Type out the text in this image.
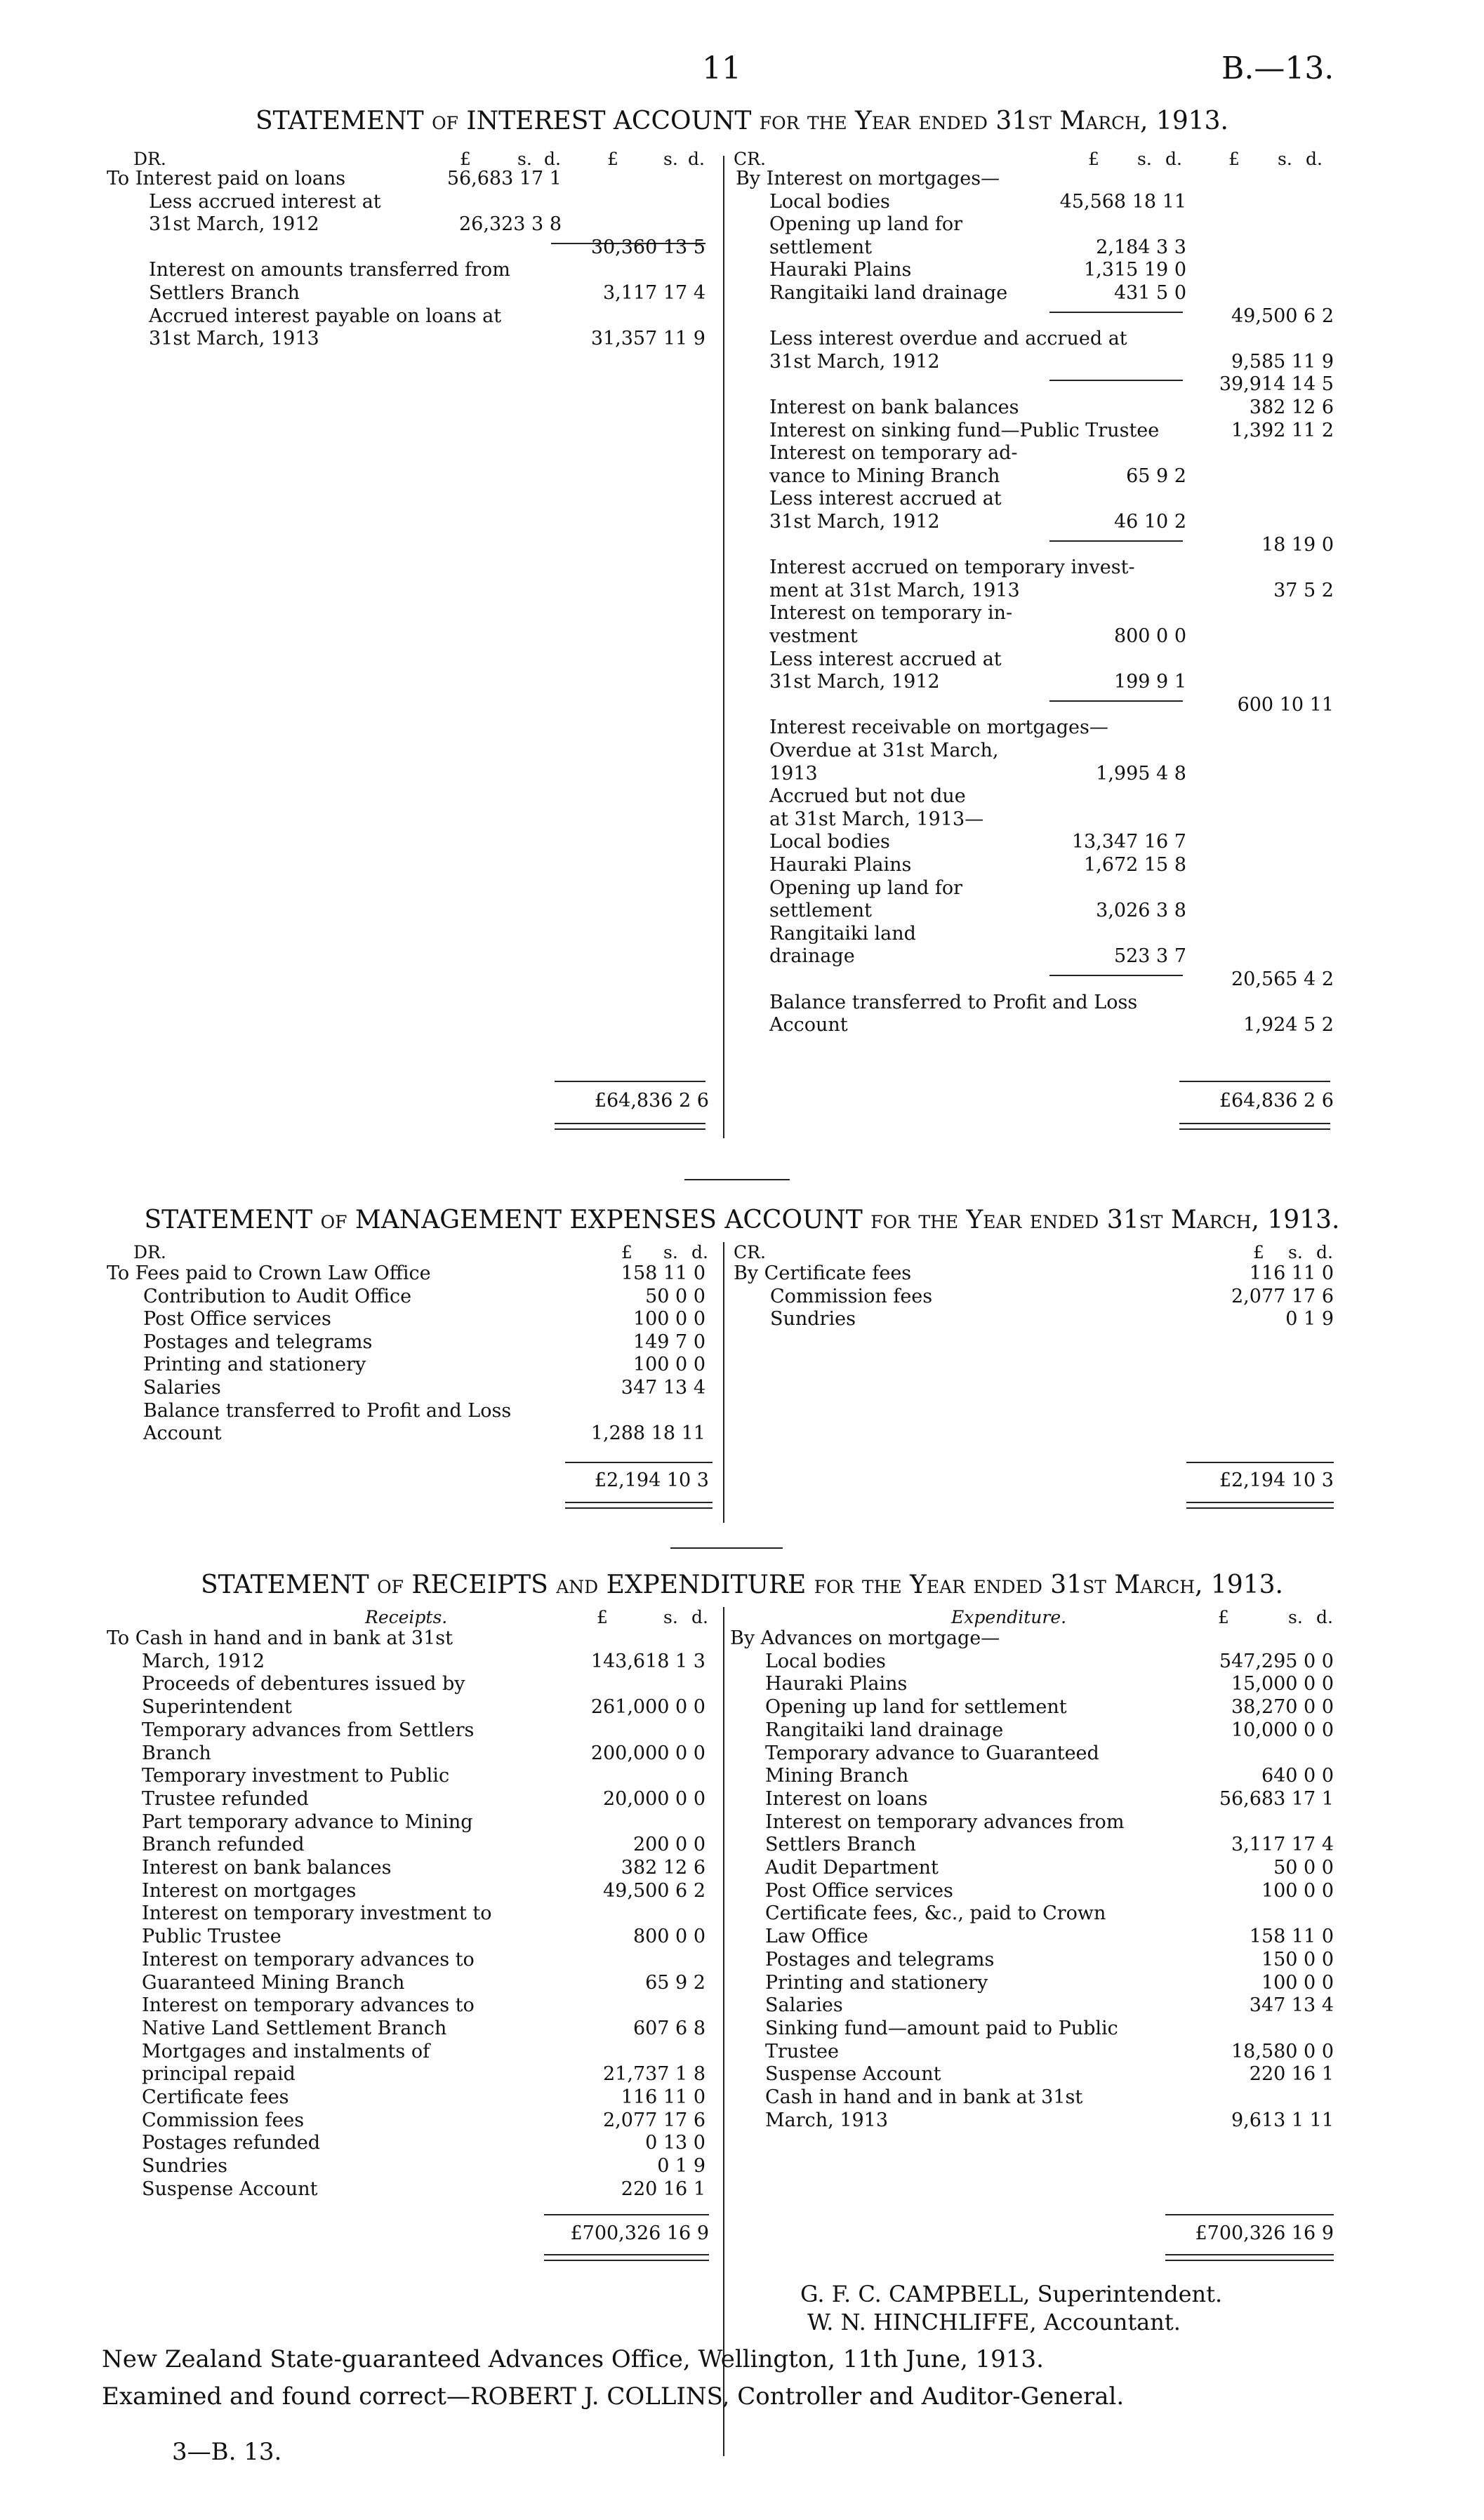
11	B.—13.
STATEMENT of INTEREST ACCOUNT for the Year ended 31st March, 1913.
DR.	CR.
£	s. d.	£	s. d.	£ s. d.	£ s. d.
To Interest paid on loans	56,683 17 1
Less accrued interest at
31st March, 1912	26,323 3 8
30,360 13 5
Interest on amounts transferred from
Settlers Branch	3,117 17 4
Accrued interest payable on loans at
31st March, 1913	31,357 11 9
By Interest on mortgages—
Local bodies	45,568 18 11
Opening up land for
settlement	2,184 3 3
Hauraki Plains	1,315 19 0
Rangitaiki land drainage	431 5 0
49,500 6 2
Less interest overdue and accrued at
31st March, 1912	9,585 11 9
39,914 14 5
Interest on bank balances	382 12 6
Interest on sinking fund—Public Trustee	1,392 11 2
Interest on temporary ad-
vance to Mining Branch	65 9 2
Less interest accrued at
31st March, 1912	46 10 2
18 19 0
Interest accrued on temporary invest-
ment at 31st March, 1913	37 5 2
Interest on temporary in-
vestment	800 0 0
Less interest accrued at
31st March, 1912	199 9 1
600 10 11
Interest receivable on mortgages—
Overdue at 31st March,
1913	1,995 4 8
Accrued but not due
at 31st March, 1913—
Local bodies	13,347 16 7
Hauraki Plains	1,672 15 8
Opening up land for
settlement	3,026 3 8
Rangitaiki land
drainage	523 3 7
20,565 4 2
Balance transferred to Profit and Loss
Account	1,924 5 2
£64,836 2 6	£64,836 2 6
STATEMENT of MANAGEMENT EXPENSES ACCOUNT for the Year ended 31st March, 1913.
DR.	CR.
£ s. d.	£ s. d.
To Fees paid to Crown Law Office	158 11 0
Contribution to Audit Office	50 0 0
Post Office services	100 0 0
Postages and telegrams	149 7 0
Printing and stationery	100 0 0
Salaries	347 13 4
Balance transferred to Profit and Loss
Account	1,288 18 11
By Certificate fees	116 11 0
Commission fees	2,077 17 6
Sundries	0 1 9
£2,194 10 3	£2,194 10 3
STATEMENT of RECEIPTS and EXPENDITURE for the Year ended 31st March, 1913.
Receipts.	Expenditure.
£	s. d.	£	s. d.
To Cash in hand and in bank at 31st
March, 1912	143,618 1 3
Proceeds of debentures issued by
Superintendent	261,000 0 0
Temporary advances from Settlers
Branch	200,000 0 0
Temporary investment to Public
Trustee refunded	20,000 0 0
Part temporary advance to Mining
Branch refunded	200 0 0
Interest on bank balances	382 12 6
Interest on mortgages	49,500 6 2
Interest on temporary investment to
Public Trustee	800 0 0
Interest on temporary advances to
Guaranteed Mining Branch	65 9 2
Interest on temporary advances to
Native Land Settlement Branch	607 6 8
Mortgages and instalments of
principal repaid	21,737 1 8
Certificate fees	116 11 0
Commission fees	2,077 17 6
Postages refunded	0 13 0
Sundries	0 1 9
Suspense Account	220 16 1
By Advances on mortgage—
Local bodies	547,295 0 0
Hauraki Plains	15,000 0 0
Opening up land for settlement	38,270 0 0
Rangitaiki land drainage	10,000 0 0
Temporary advance to Guaranteed
Mining Branch	640 0 0
Interest on loans	56,683 17 1
Interest on temporary advances from
Settlers Branch	3,117 17 4
Audit Department	50 0 0
Post Office services	100 0 0
Certificate fees, &c., paid to Crown
Law Office	158 11 0
Postages and telegrams	150 0 0
Printing and stationery	100 0 0
Salaries	347 13 4
Sinking fund—amount paid to Public
Trustee	18,580 0 0
Suspense Account	220 16 1
Cash in hand and in bank at 31st
March, 1913	9,613 1 11
£700,326 16 9	£700,326 16 9
G. F. C. CAMPBELL, Superintendent.
W. N. HINCHLIFFE, Accountant.
New Zealand State-guaranteed Advances Office, Wellington, 11th June, 1913.
Examined and found correct—ROBERT J. COLLINS, Controller and Auditor-General.
3—B. 13.
